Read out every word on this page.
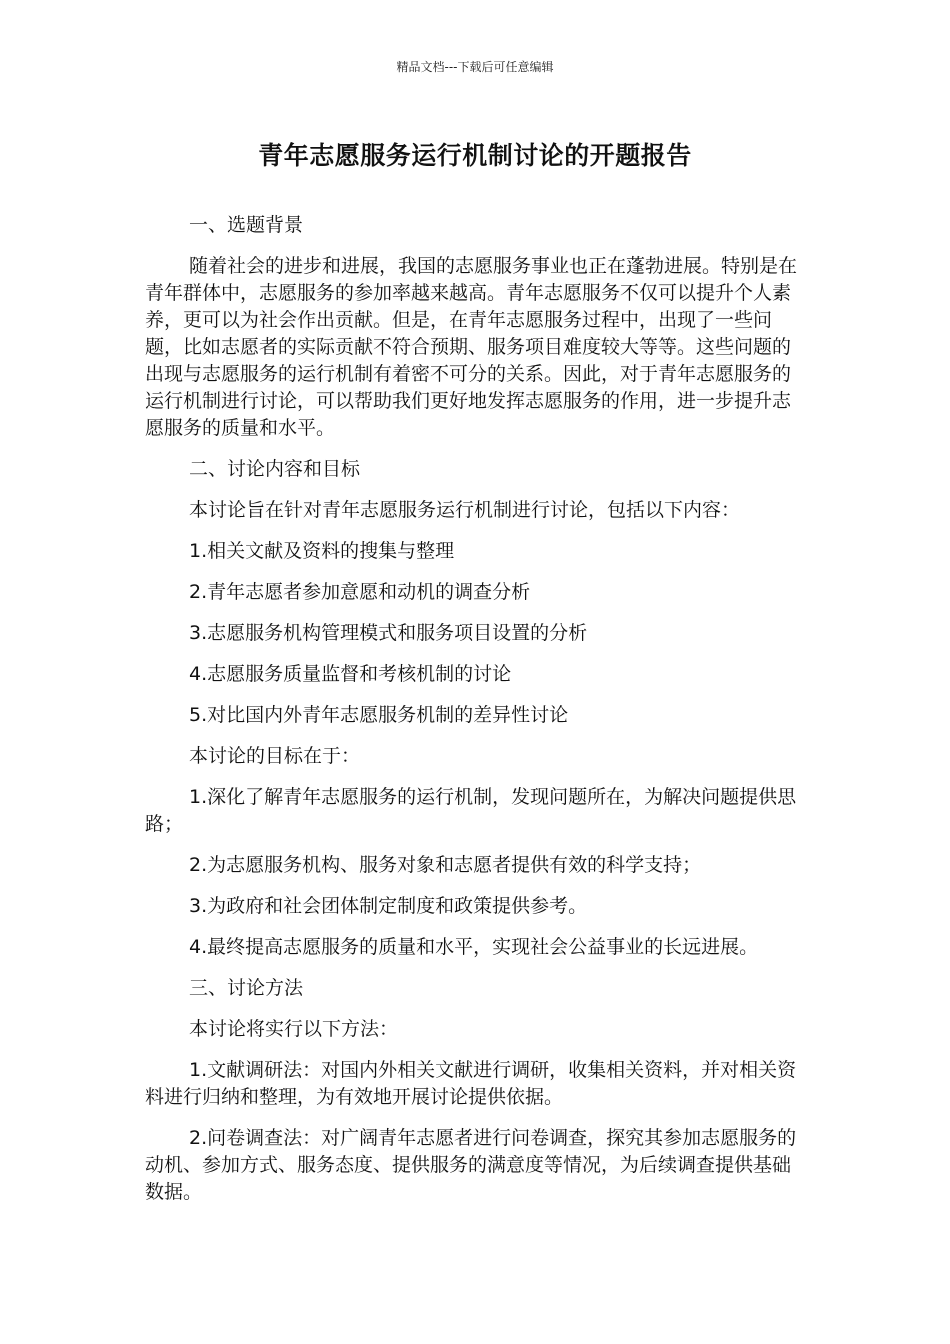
精品文档---下载后可任意编辑
青年志愿服务运行机制讨论的开题报告

一、选题背景

随着社会的进步和进展，我国的志愿服务事业也正在蓬勃进展。特别是在青年群体中，志愿服务的参加率越来越高。青年志愿服务不仅可以提升个人素养，更可以为社会作出贡献。但是，在青年志愿服务过程中，出现了一些问题，比如志愿者的实际贡献不符合预期、服务项目难度较大等等。这些问题的出现与志愿服务的运行机制有着密不可分的关系。因此，对于青年志愿服务的运行机制进行讨论，可以帮助我们更好地发挥志愿服务的作用，进一步提升志愿服务的质量和水平。

二、讨论内容和目标

本讨论旨在针对青年志愿服务运行机制进行讨论，包括以下内容：

1.相关文献及资料的搜集与整理

2.青年志愿者参加意愿和动机的调查分析

3.志愿服务机构管理模式和服务项目设置的分析

4.志愿服务质量监督和考核机制的讨论

5.对比国内外青年志愿服务机制的差异性讨论

本讨论的目标在于：

1.深化了解青年志愿服务的运行机制，发现问题所在，为解决问题提供思路；

2.为志愿服务机构、服务对象和志愿者提供有效的科学支持；

3.为政府和社会团体制定制度和政策提供参考。

4.最终提高志愿服务的质量和水平，实现社会公益事业的长远进展。

三、讨论方法

本讨论将实行以下方法：

1.文献调研法：对国内外相关文献进行调研，收集相关资料，并对相关资料进行归纳和整理，为有效地开展讨论提供依据。

2.问卷调查法：对广阔青年志愿者进行问卷调查，探究其参加志愿服务的动机、参加方式、服务态度、提供服务的满意度等情况，为后续调查提供基础数据。
